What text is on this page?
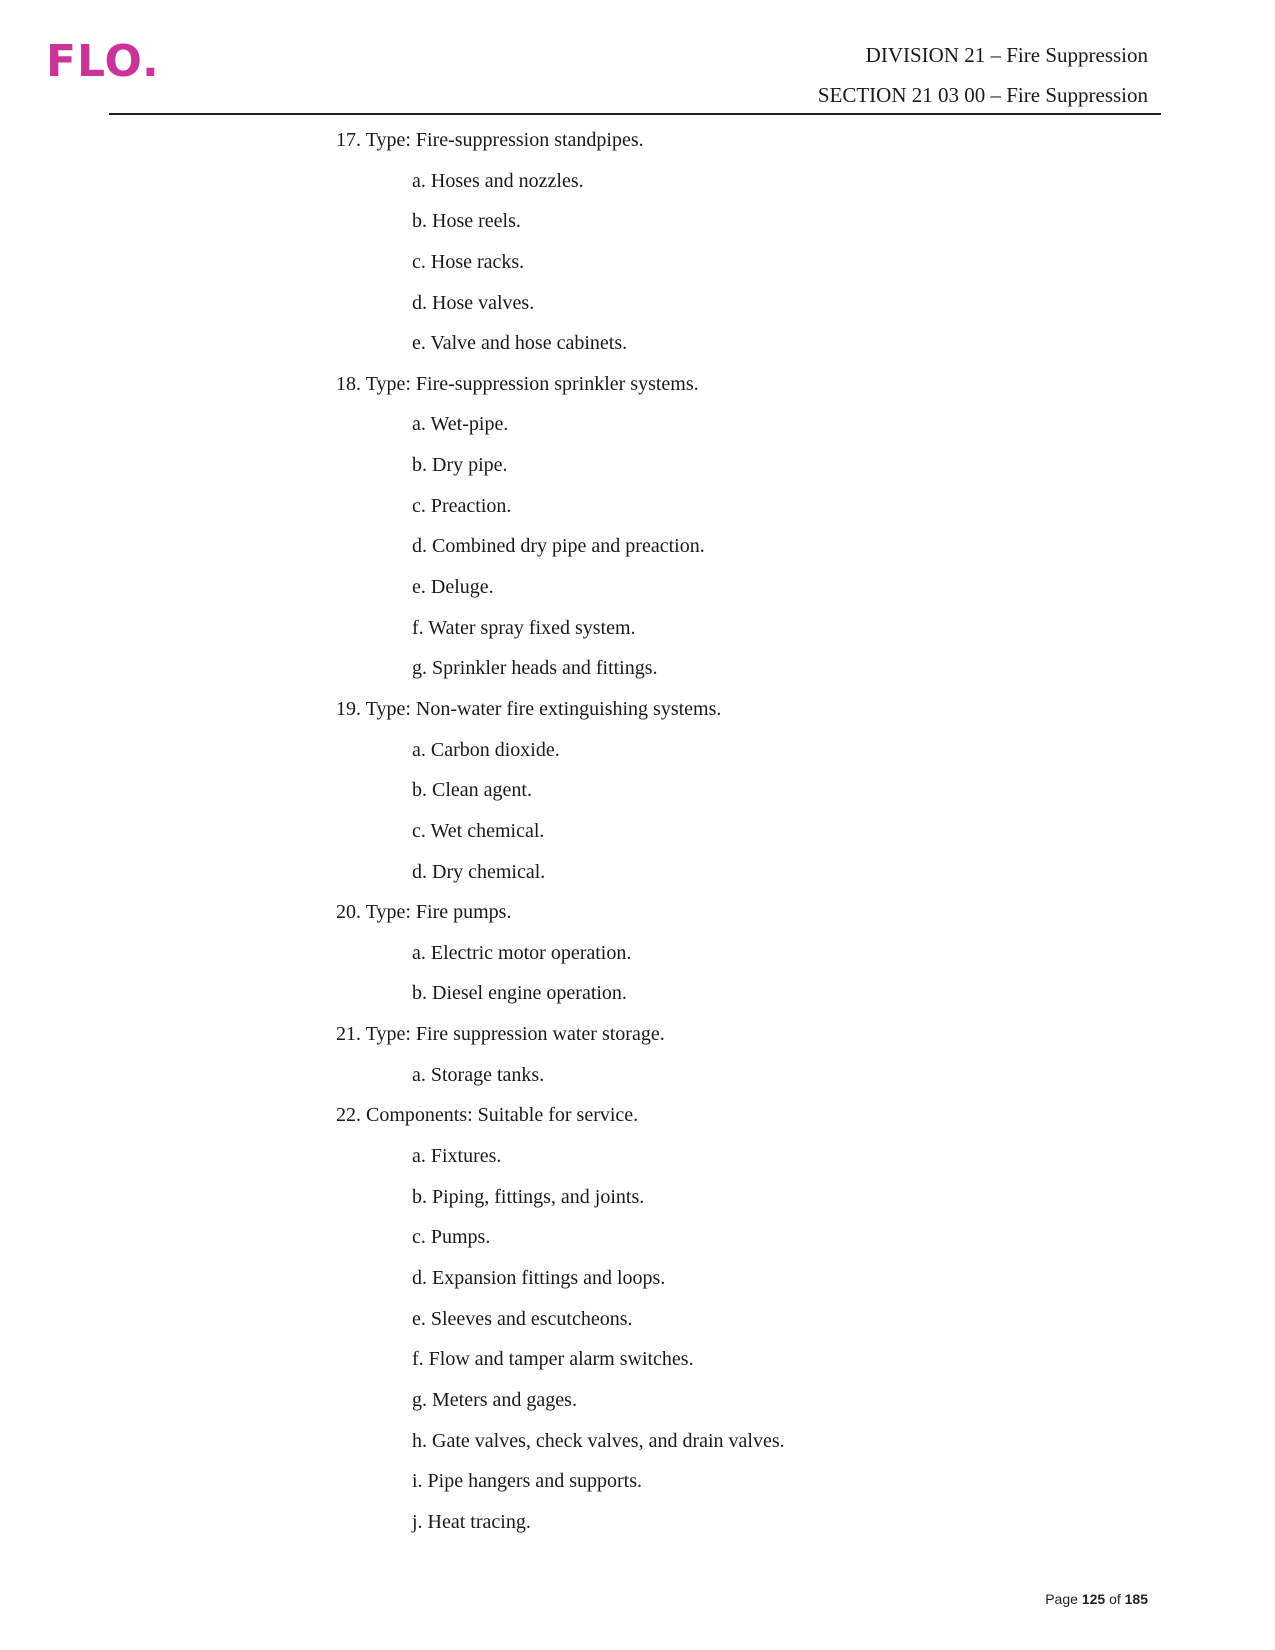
FLO.	DIVISION 21 – Fire Suppression
SECTION 21 03 00 – Fire Suppression
17. Type: Fire-suppression standpipes.
a. Hoses and nozzles.
b. Hose reels.
c. Hose racks.
d. Hose valves.
e. Valve and hose cabinets.
18. Type: Fire-suppression sprinkler systems.
a. Wet-pipe.
b. Dry pipe.
c. Preaction.
d. Combined dry pipe and preaction.
e. Deluge.
f. Water spray fixed system.
g. Sprinkler heads and fittings.
19. Type: Non-water fire extinguishing systems.
a. Carbon dioxide.
b. Clean agent.
c. Wet chemical.
d. Dry chemical.
20. Type: Fire pumps.
a. Electric motor operation.
b. Diesel engine operation.
21. Type: Fire suppression water storage.
a. Storage tanks.
22. Components: Suitable for service.
a. Fixtures.
b. Piping, fittings, and joints.
c. Pumps.
d. Expansion fittings and loops.
e. Sleeves and escutcheons.
f. Flow and tamper alarm switches.
g. Meters and gages.
h. Gate valves, check valves, and drain valves.
i. Pipe hangers and supports.
j. Heat tracing.
Page 125 of 185
